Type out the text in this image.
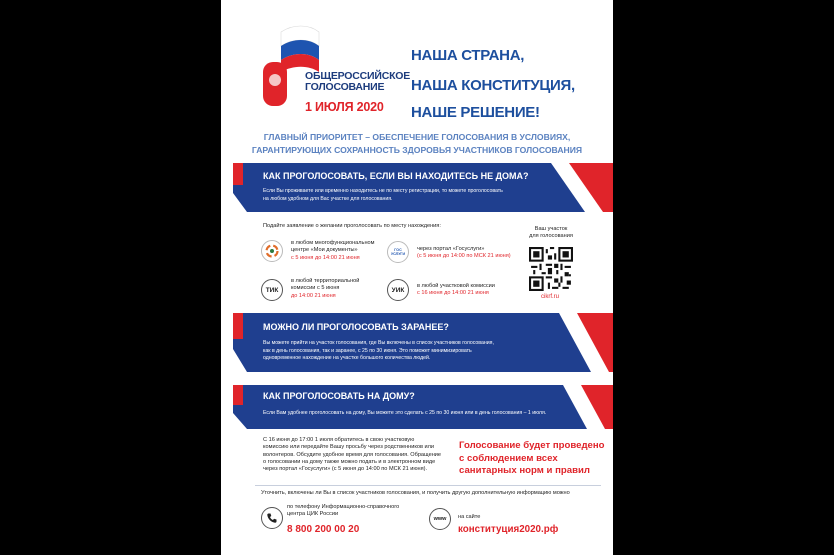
ОБЩЕРОССИЙСКОЕ
ГОЛОСОВАНИЕ
1 ИЮЛЯ 2020
НАША СТРАНА,
НАША КОНСТИТУЦИЯ,
НАШЕ РЕШЕНИЕ!
ГЛАВНЫЙ ПРИОРИТЕТ – ОБЕСПЕЧЕНИЕ ГОЛОСОВАНИЯ В УСЛОВИЯХ,
ГАРАНТИРУЮЩИХ СОХРАННОСТЬ ЗДОРОВЬЯ УЧАСТНИКОВ ГОЛОСОВАНИЯ
КАК ПРОГОЛОСОВАТЬ, ЕСЛИ ВЫ НАХОДИТЕСЬ НЕ ДОМА?
Если Вы проживаете или временно находитесь не по месту регистрации, то можете проголосовать
на любом удобном для Вас участке для голосования.
Подайте заявление о желании проголосовать по месту нахождения:
в любом многофункциональном
центре «Мои документы»
с 5 июня до 14:00 21 июня
ГОС УСЛУГИ
через портал «Госуслуги»
(с 5 июня до 14:00 по МСК 21 июня)
ТИК
в любой территориальной
комиссии с 5 июня
до 14:00 21 июня
УИК
в любой участковой комиссии
с 16 июня до 14:00 21 июня
Ваш участок
для голосования
cikrf.ru
МОЖНО ЛИ ПРОГОЛОСОВАТЬ ЗАРАНЕЕ?
Вы можете прийти на участок голосования, где Вы включены в список участников голосования,
как в день голосования, так и заранее, с 25 по 30 июня. Это поможет минимизировать
одновременное нахождение на участке большого количества людей.
КАК ПРОГОЛОСОВАТЬ НА ДОМУ?
Если Вам удобнее проголосовать на дому, Вы можете это сделать с 25 по 30 июня или в день голосования – 1 июля.
С 16 июня до 17:00 1 июля обратитесь в свою участковую
комиссию или передайте Вашу просьбу через родственников или
волонтеров. Обсудите удобное время для голосования. Обращение
о голосовании на дому также можно подать и в электронном виде
через портал «Госуслуги» (с 5 июня до 14:00 по МСК 21 июня).
Голосование будет проведено
с соблюдением всех
санитарных норм и правил
Уточнить, включены ли Вы в список участников голосования, и получить другую дополнительную информацию можно
по телефону Информационно-справочного
центра ЦИК России
8 800 200 00 20
www	на сайте
конституция2020.рф
